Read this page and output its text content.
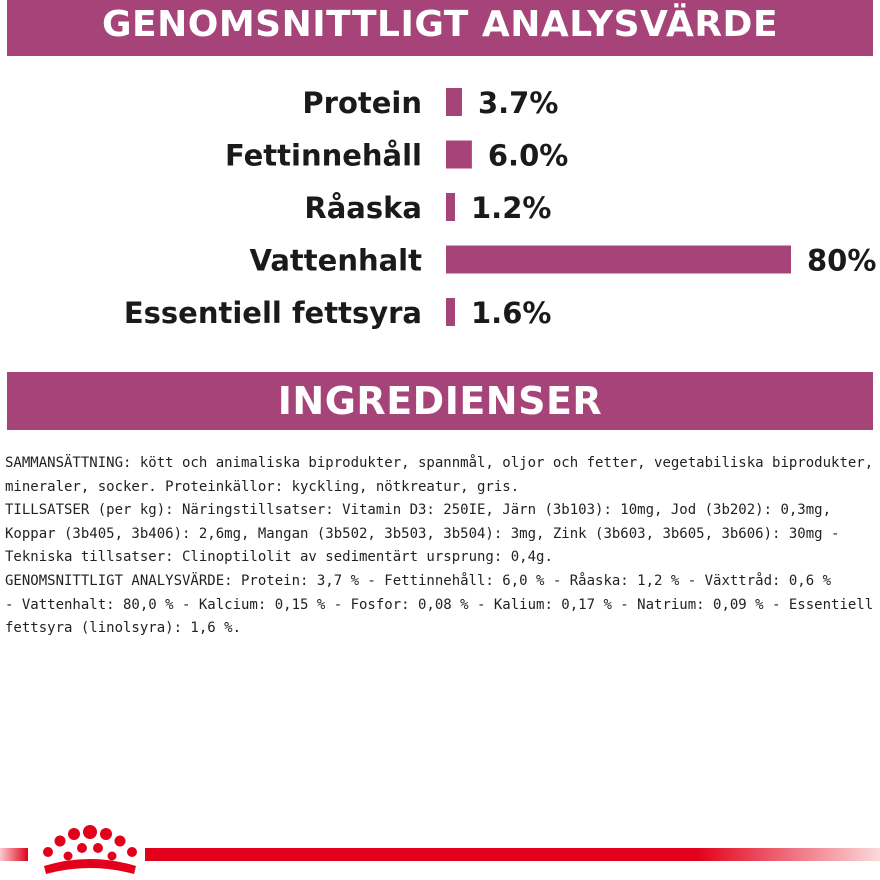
GENOMSNITTLIGT ANALYSVÄRDE
Protein 3.7%
Fettinnehåll 6.0%
Råaska 1.2%
Vattenhalt	80%
Essentiell fettsyra 1.6%
INGREDIENSER
SAMMANSÄTTNING: kött och animaliska biprodukter, spannmål, oljor och fetter, vegetabiliska biprodukter,
mineraler, socker. Proteinkällor: kyckling, nötkreatur, gris.
TILLSATSER (per kg): Näringstillsatser: Vitamin D3: 250IE, Järn (3b103): 10mg, Jod (3b202): 0,3mg,
Koppar (3b405, 3b406): 2,6mg, Mangan (3b502, 3b503, 3b504): 3mg, Zink (3b603, 3b605, 3b606): 30mg -
Tekniska tillsatser: Clinoptilolit av sedimentärt ursprung: 0,4g.
GENOMSNITTLIGT ANALYSVÄRDE: Protein: 3,7 % - Fettinnehåll: 6,0 % - Råaska: 1,2 % - Växttråd: 0,6 %
- Vattenhalt: 80,0 % - Kalcium: 0,15 % - Fosfor: 0,08 % - Kalium: 0,17 % - Natrium: 0,09 % - Essentiell
fettsyra (linolsyra): 1,6 %.
